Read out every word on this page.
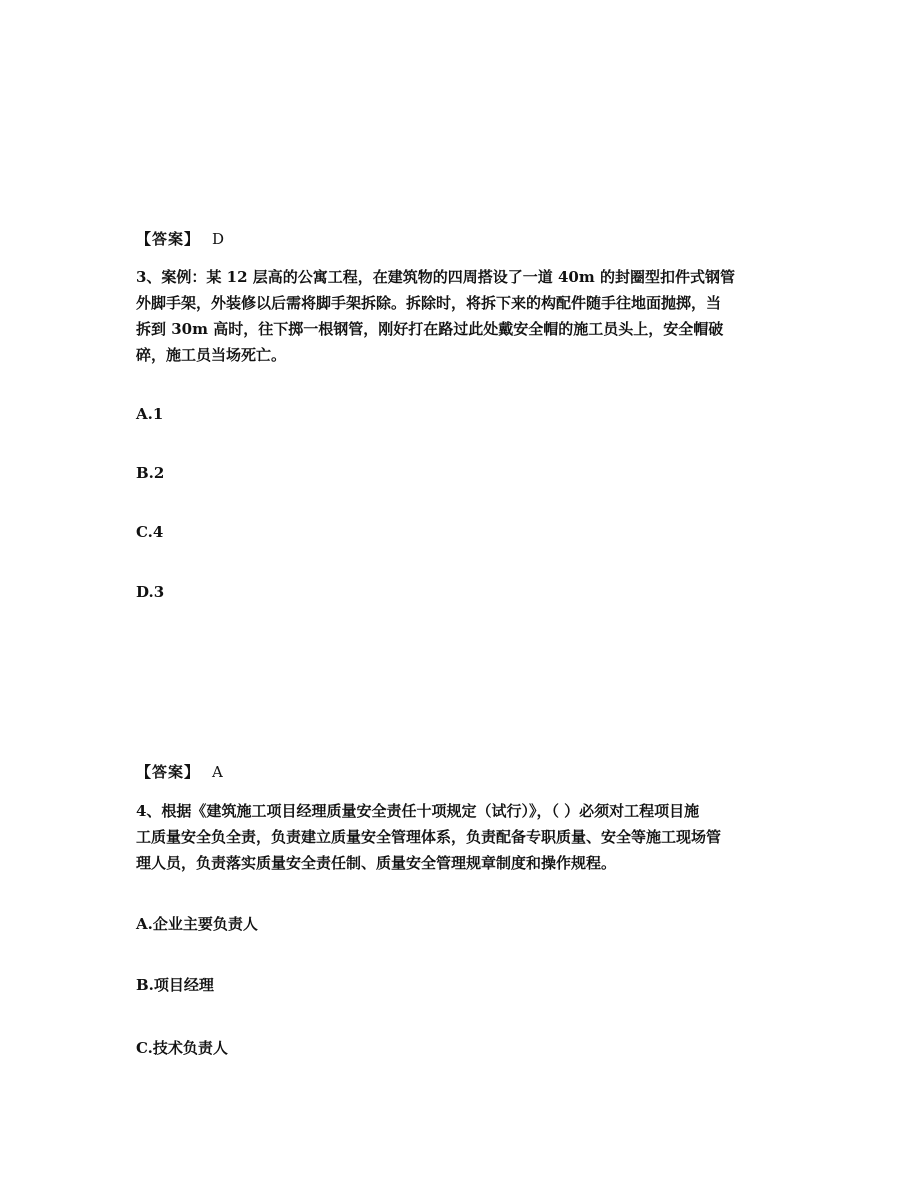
【答案】 D

3、案例：某 12 层高的公寓工程，在建筑物的四周搭设了一道 40m 的封圈型扣件式钢管

外脚手架，外装修以后需将脚手架拆除。拆除时，将拆下来的构配件随手往地面抛掷，当

拆到 30m 高时，往下掷一根钢管，刚好打在路过此处戴安全帽的施工员头上，安全帽破

碎，施工员当场死亡。

A.1
B.2
C.4
D.3
【答案】 A

4、根据《建筑施工项目经理质量安全责任十项规定（试行）》，（ ）必须对工程项目施

工质量安全负全责，负责建立质量安全管理体系，负责配备专职质量、安全等施工现场管

理人员，负责落实质量安全责任制、质量安全管理规章制度和操作规程。

A.企业主要负责人
B.项目经理
C.技术负责人
